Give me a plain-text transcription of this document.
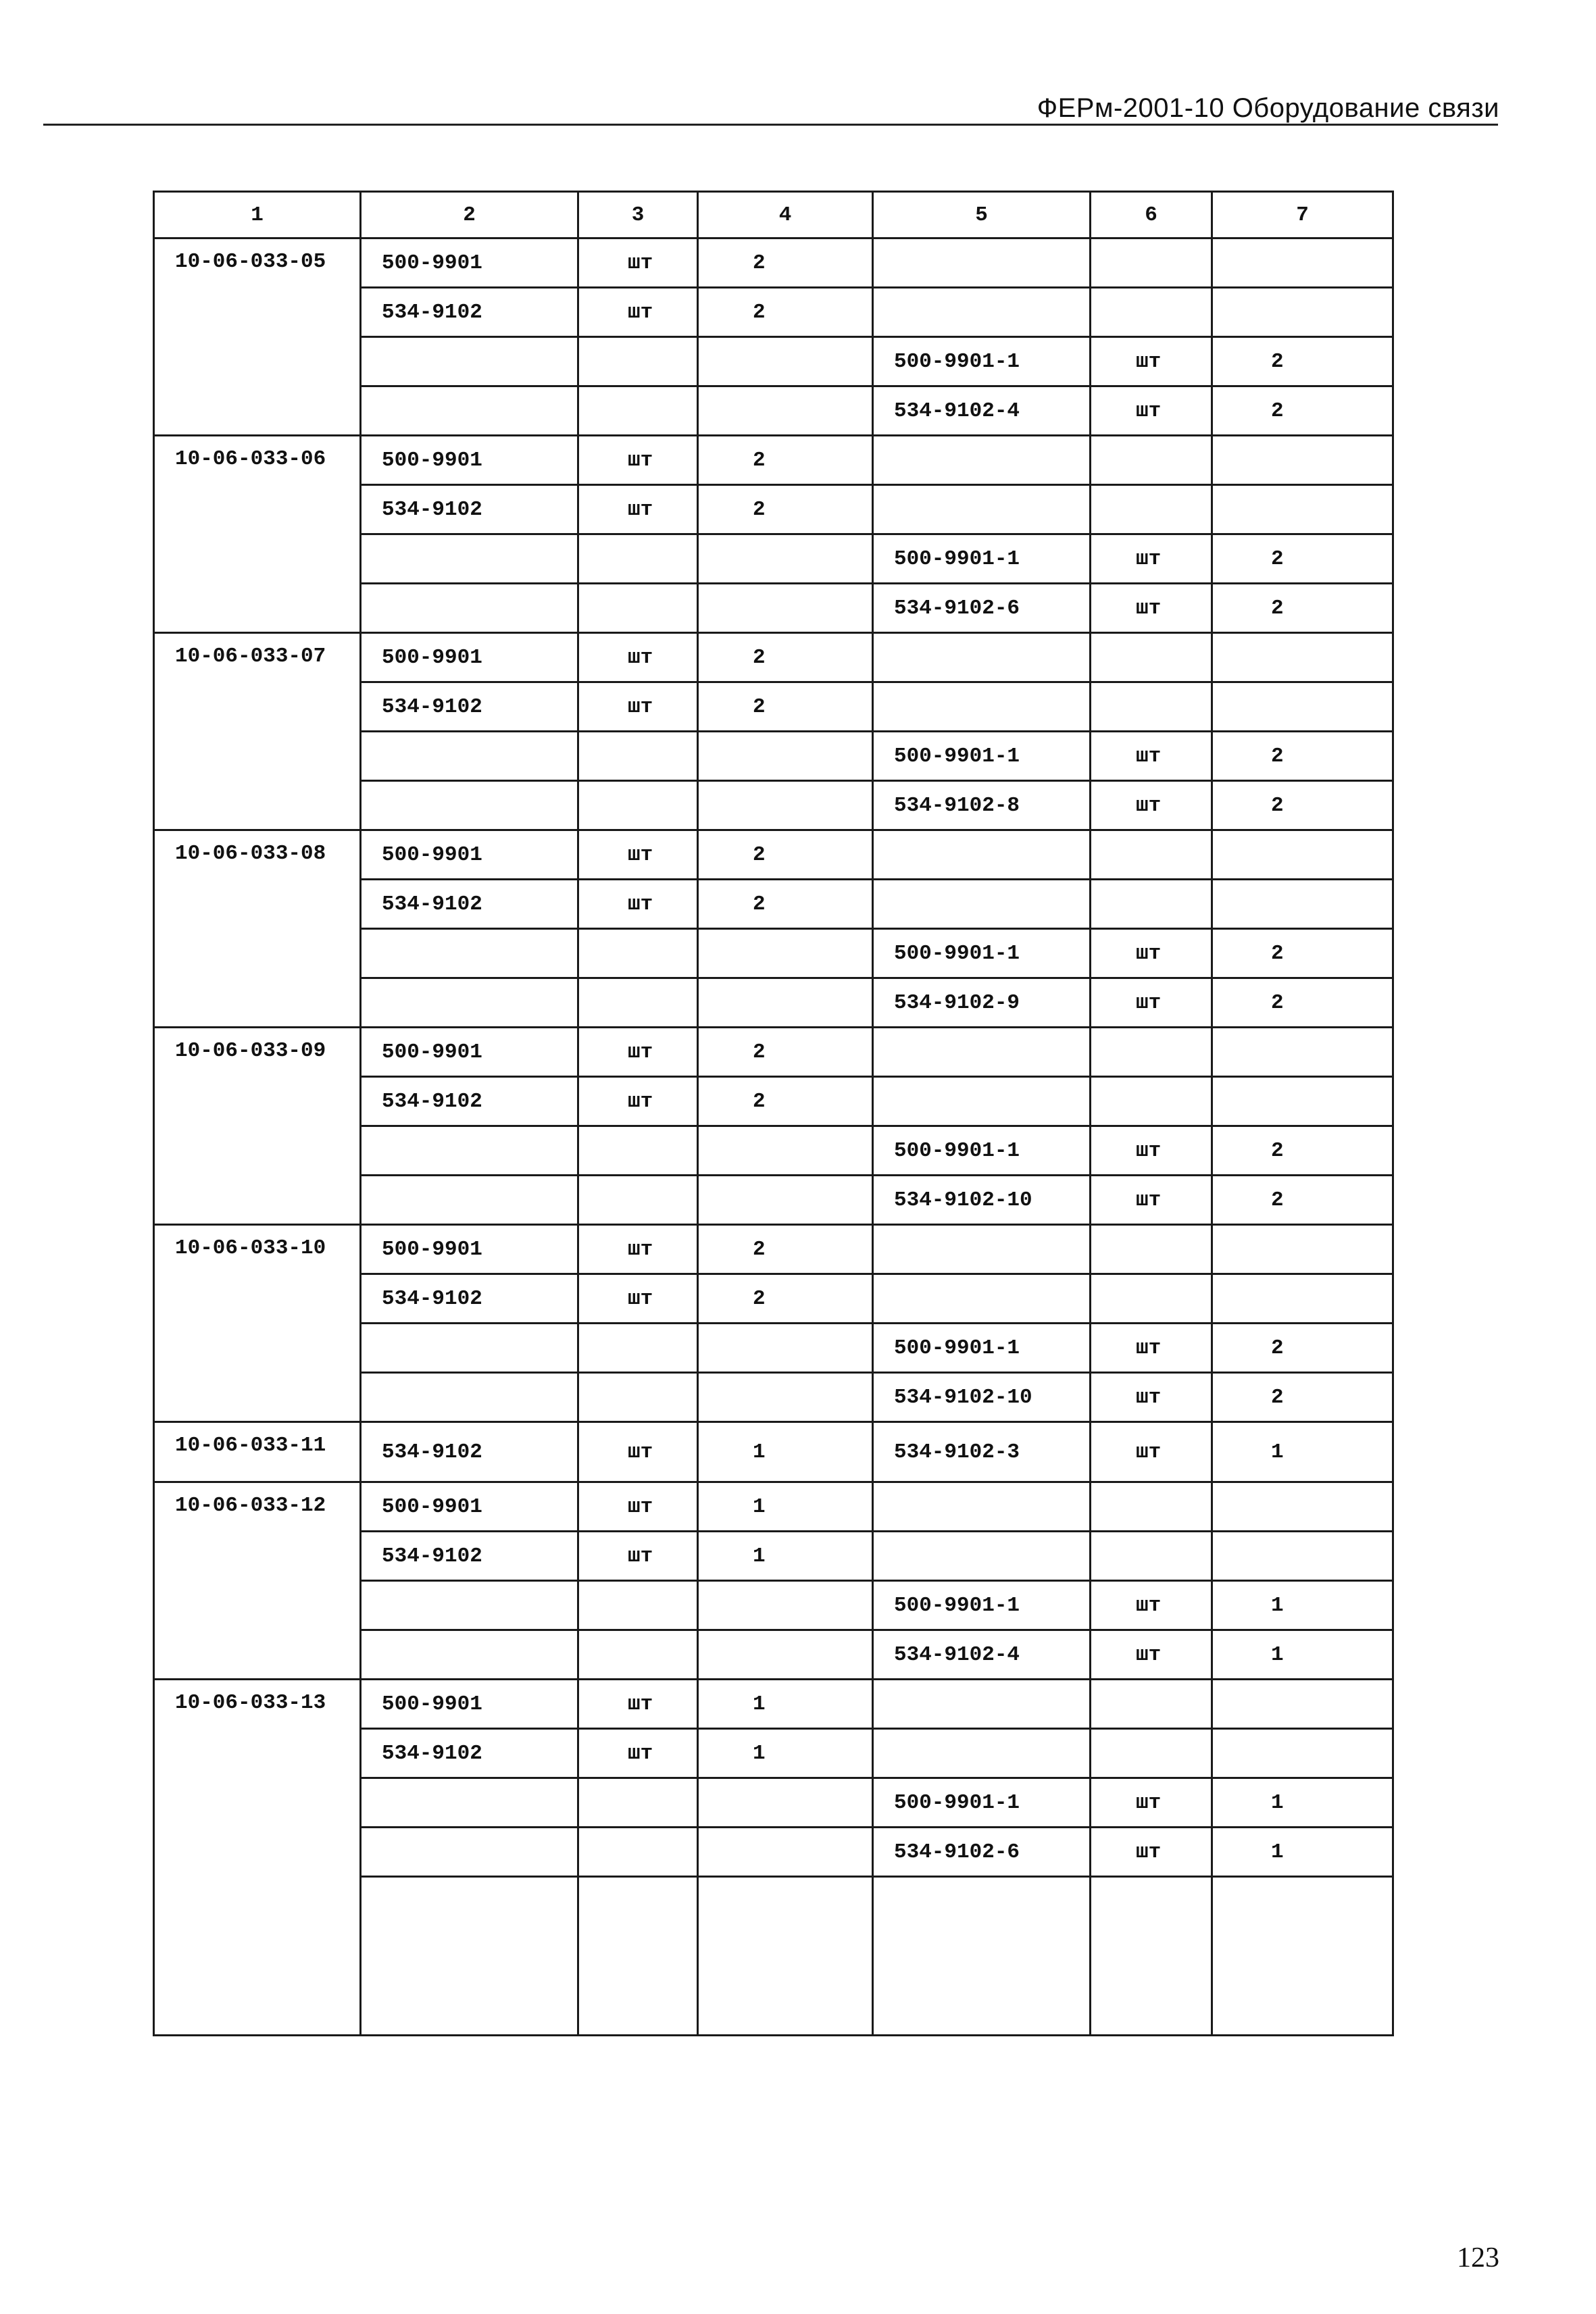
ФЕРм-2001-10 Оборудование связи
1	2	3	4	5	6	7
10-06-033-05	500-9901	шт	2			
	534-9102	шт	2			
				500-9901-1	шт	2
				534-9102-4	шт	2
10-06-033-06	500-9901	шт	2			
	534-9102	шт	2			
				500-9901-1	шт	2
				534-9102-6	шт	2
10-06-033-07	500-9901	шт	2			
	534-9102	шт	2			
				500-9901-1	шт	2
				534-9102-8	шт	2
10-06-033-08	500-9901	шт	2			
	534-9102	шт	2			
				500-9901-1	шт	2
				534-9102-9	шт	2
10-06-033-09	500-9901	шт	2			
	534-9102	шт	2			
				500-9901-1	шт	2
				534-9102-10	шт	2
10-06-033-10	500-9901	шт	2			
	534-9102	шт	2			
				500-9901-1	шт	2
				534-9102-10	шт	2
10-06-033-11	534-9102	шт	1	534-9102-3	шт	1
10-06-033-12	500-9901	шт	1			
	534-9102	шт	1			
				500-9901-1	шт	1
				534-9102-4	шт	1
10-06-033-13	500-9901	шт	1			
	534-9102	шт	1			
				500-9901-1	шт	1
				534-9102-6	шт	1

123
